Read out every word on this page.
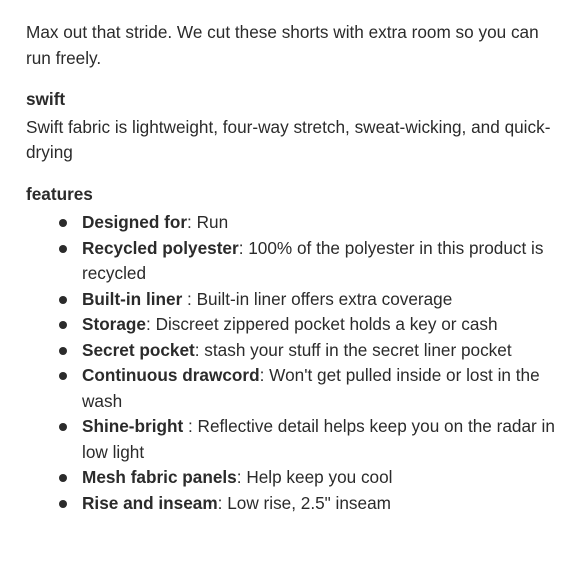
Max out that stride. We cut these shorts with extra room so you can run freely.

swift

Swift fabric is lightweight, four-way stretch, sweat-wicking, and quick-drying

features

Designed for: Run
Recycled polyester: 100% of the polyester in this product is recycled
Built-in liner : Built-in liner offers extra coverage
Storage: Discreet zippered pocket holds a key or cash
Secret pocket: stash your stuff in the secret liner pocket
Continuous drawcord: Won't get pulled inside or lost in the wash
Shine-bright : Reflective detail helps keep you on the radar in low light
Mesh fabric panels: Help keep you cool
Rise and inseam: Low rise, 2.5" inseam
